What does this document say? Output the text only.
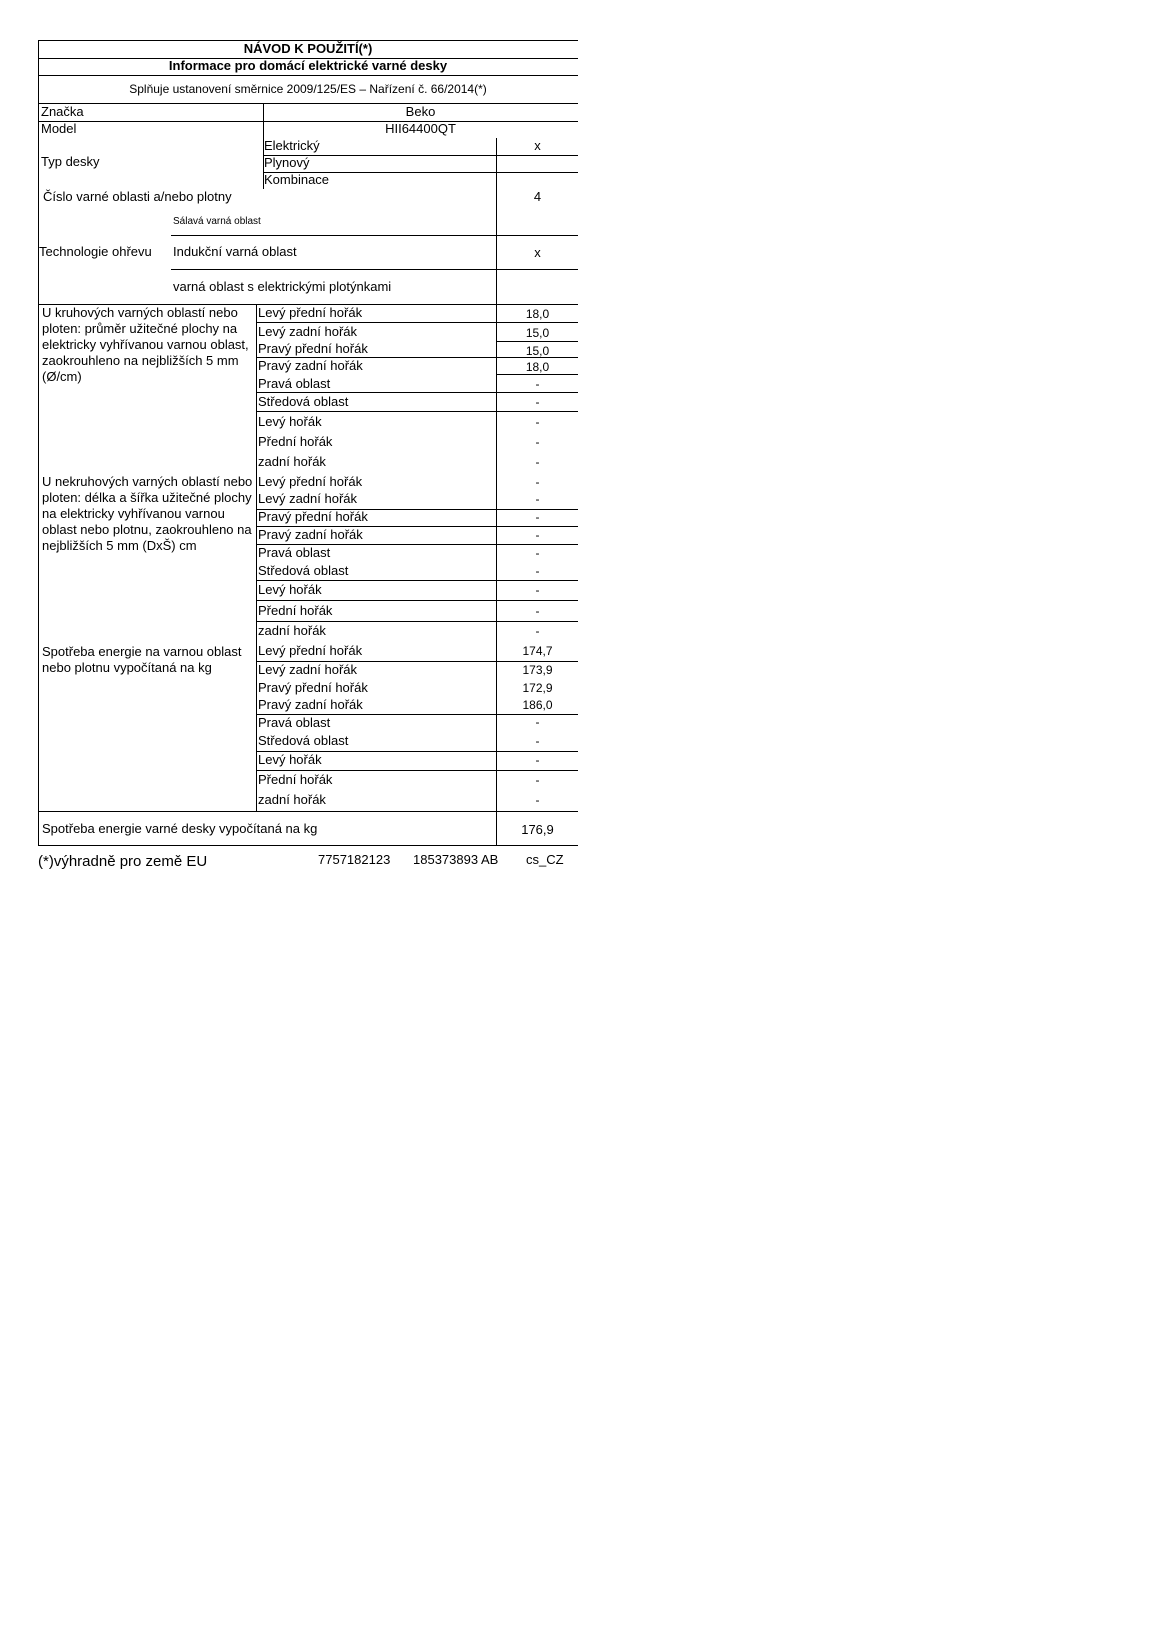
NÁVOD K POUŽITÍ(*)
Informace pro domácí elektrické varné desky
Splňuje ustanovení směrnice 2009/125/ES – Nařízení č. 66/2014(*)
Značka	Beko
Model	HII64400QT
Typ desky
Elektrický	x
Plynový
Kombinace
Číslo varné oblasti a/nebo plotny	4
Technologie ohřevu
Sálavá varná oblast
Indukční varná oblast	x
varná oblast s elektrickými plotýnkami
U kruhových varných oblastí nebo ploten: průměr užitečné plochy na elektricky vyhřívanou varnou oblast, zaokrouhleno na nejbližších 5 mm (Ø/cm)
Levý přední hořák	18,0
Levý zadní hořák	15,0
Pravý přední hořák	15,0
Pravý zadní hořák	18,0
Pravá oblast	-
Středová oblast	-
Levý hořák	-
Přední hořák	-
zadní hořák	-
U nekruhových varných oblastí nebo ploten: délka a šířka užitečné plochy na elektricky vyhřívanou varnou oblast nebo plotnu, zaokrouhleno na nejbližších 5 mm (DxŠ) cm
Levý přední hořák	-
Levý zadní hořák	-
Pravý přední hořák	-
Pravý zadní hořák	-
Pravá oblast	-
Středová oblast	-
Levý hořák	-
Přední hořák	-
zadní hořák	-
Spotřeba energie na varnou oblast nebo plotnu vypočítaná na kg
Levý přední hořák	174,7
Levý zadní hořák	173,9
Pravý přední hořák	172,9
Pravý zadní hořák	186,0
Pravá oblast	-
Středová oblast	-
Levý hořák	-
Přední hořák	-
zadní hořák	-
Spotřeba energie varné desky vypočítaná na kg	176,9
(*)výhradně pro země EU	7757182123 185373893 AB cs_CZ
